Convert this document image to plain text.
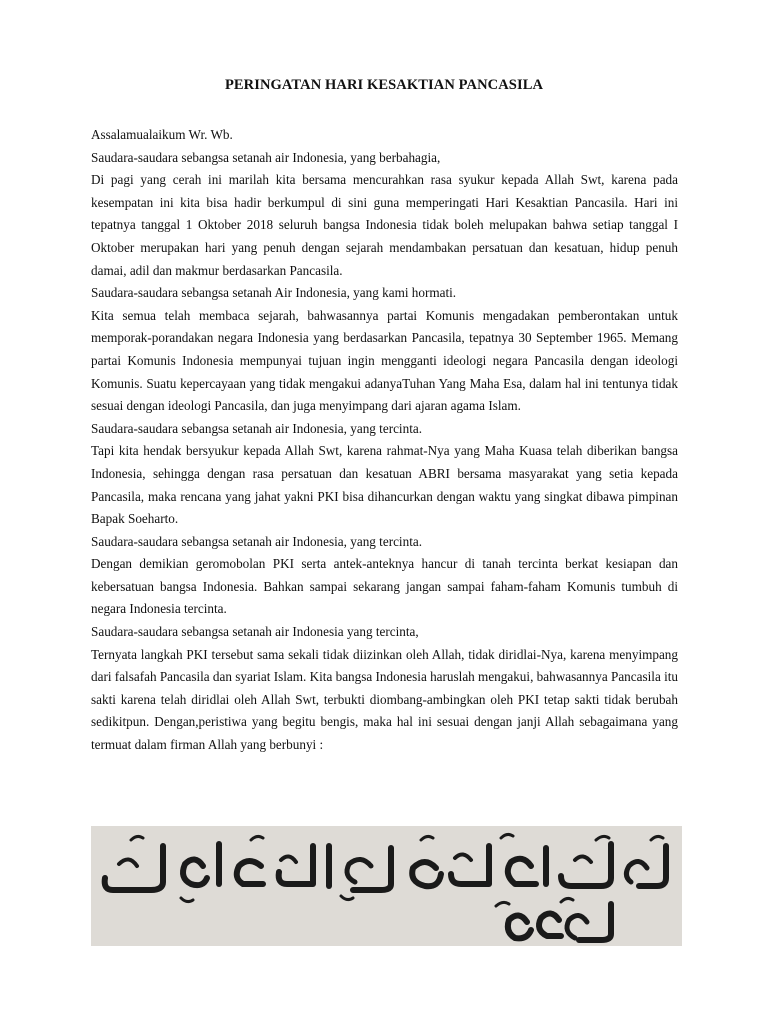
PERINGATAN HARI KESAKTIAN PANCASILA

Assalamualaikum Wr. Wb.

Saudara-saudara sebangsa setanah air Indonesia, yang berbahagia,

Di pagi yang cerah ini marilah kita bersama mencurahkan rasa syukur kepada Allah Swt, karena pada kesempatan ini kita bisa hadir berkumpul di sini guna memperingati Hari Kesaktian Pancasila. Hari ini tepatnya tanggal 1 Oktober 2018 seluruh bangsa Indonesia tidak boleh melupakan bahwa setiap tanggal I Oktober merupakan hari yang penuh dengan sejarah mendambakan persatuan dan kesatuan, hidup penuh damai, adil dan makmur berdasarkan Pancasila.

Saudara-saudara sebangsa setanah Air Indonesia, yang kami hormati.

Kita semua telah membaca sejarah, bahwasannya partai Komunis mengadakan pemberontakan untuk memporak-porandakan negara Indonesia yang berdasarkan Pancasila, tepatnya 30 September 1965. Memang partai Komunis Indonesia mempunyai tujuan ingin mengganti ideologi negara Pancasila dengan ideologi Komunis. Suatu kepercayaan yang tidak mengakui adanyaTuhan Yang Maha Esa, dalam hal ini tentunya tidak sesuai dengan ideologi Pancasila, dan juga menyimpang dari ajaran agama Islam.

Saudara-saudara sebangsa setanah air Indonesia, yang tercinta.

Tapi kita hendak bersyukur kepada Allah Swt, karena rahmat-Nya yang Maha Kuasa telah diberikan bangsa Indonesia, sehingga dengan rasa persatuan dan kesatuan ABRI bersama masyarakat yang setia kepada Pancasila, maka rencana yang jahat yakni PKI bisa dihancurkan dengan waktu yang singkat dibawa pimpinan Bapak Soeharto.

Saudara-saudara sebangsa setanah air Indonesia, yang tercinta.

Dengan demikian geromobolan PKI serta antek-anteknya hancur di tanah tercinta berkat kesiapan dan kebersatuan bangsa Indonesia. Bahkan sampai sekarang jangan sampai faham-faham Komunis tumbuh di negara Indonesia tercinta.

Saudara-saudara sebangsa setanah air Indonesia yang tercinta,

Ternyata langkah PKI tersebut sama sekali tidak diizinkan oleh Allah, tidak diridlai-Nya, karena menyimpang dari falsafah Pancasila dan syariat Islam. Kita bangsa Indonesia haruslah mengakui, bahwasannya Pancasila itu sakti karena telah diridlai oleh Allah Swt, terbukti diombang-ambingkan oleh PKI tetap sakti tidak berubah sedikitpun. Dengan,peristiwa yang begitu bengis, maka hal ini sesuai dengan janji Allah sebagaimana yang termuat dalam firman Allah yang berbunyi :
